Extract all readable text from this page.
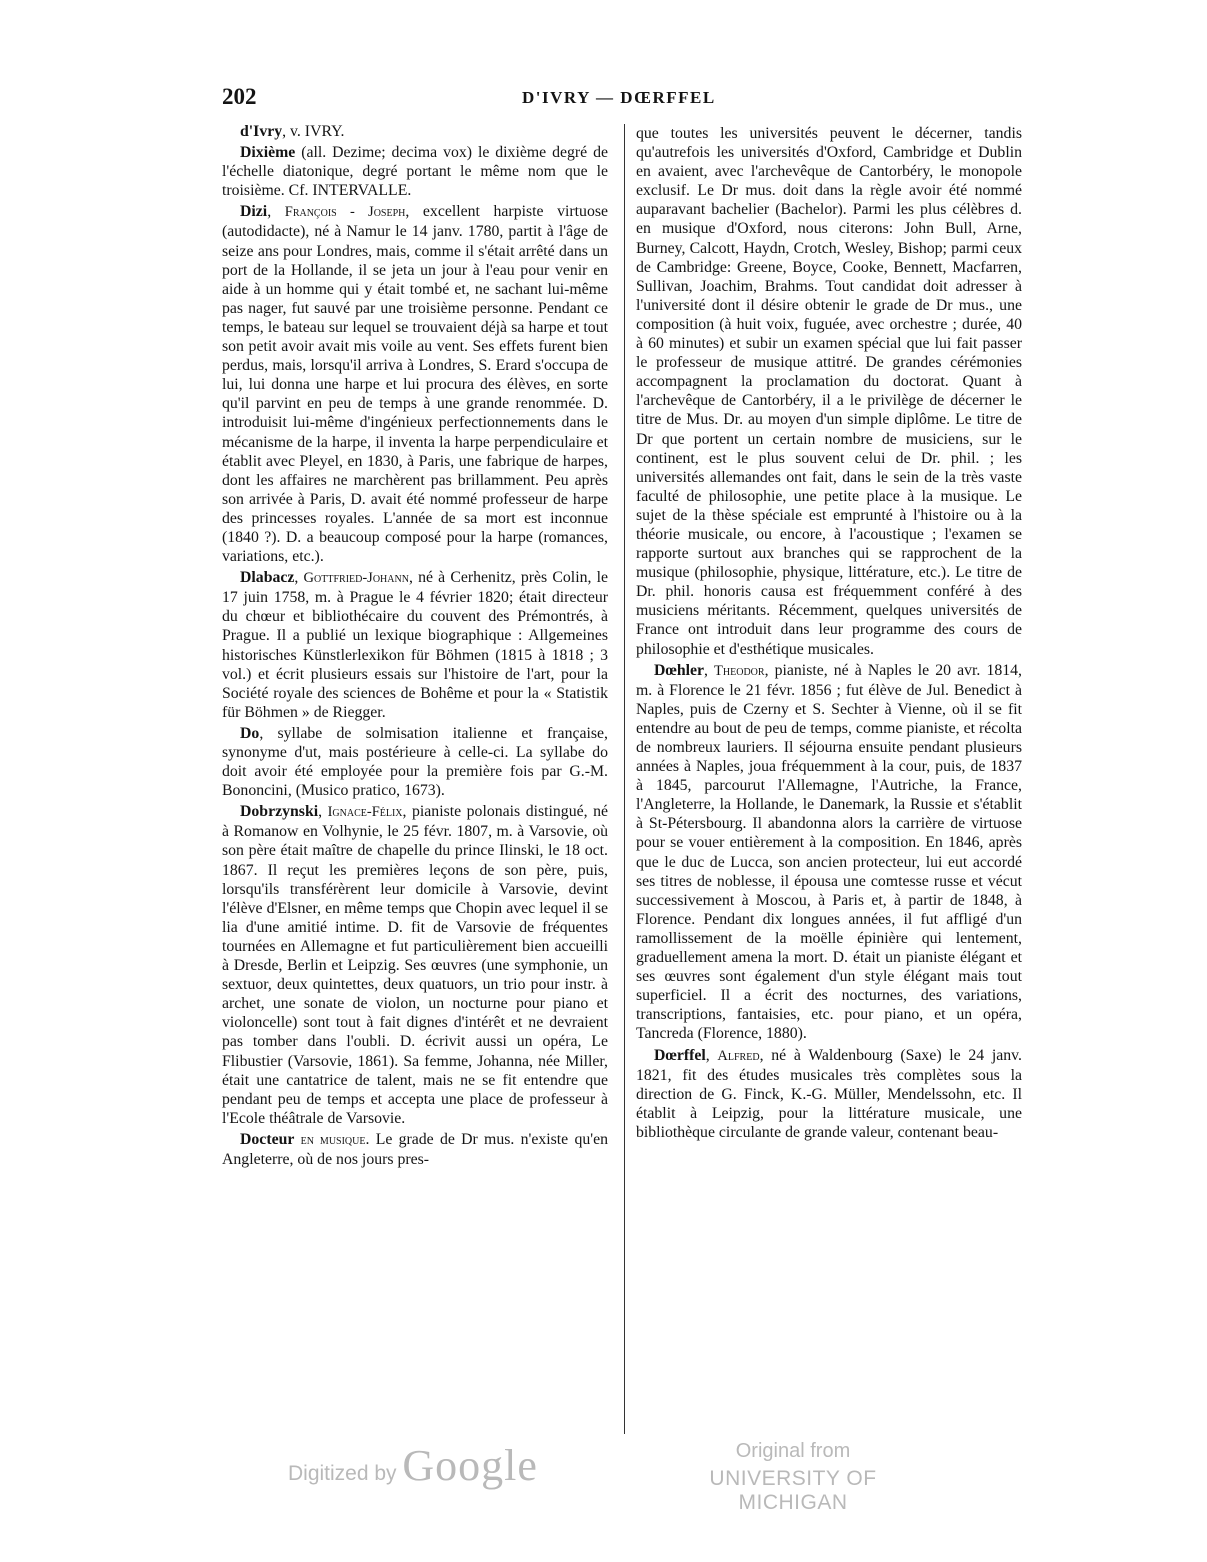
202	D'IVRY — DŒRFFEL

d'Ivry, v. IVRY.

Dixième (all. Dezime; decima vox) le dixième degré de l'échelle diatonique, degré portant le même nom que le troisième. Cf. INTERVALLE.

Dizi, François - Joseph, excellent harpiste virtuose (autodidacte), né à Namur le 14 janv. 1780, partit à l'âge de seize ans pour Londres, mais, comme il s'était arrêté dans un port de la Hollande, il se jeta un jour à l'eau pour venir en aide à un homme qui y était tombé et, ne sachant lui-même pas nager, fut sauvé par une troisième personne. Pendant ce temps, le bateau sur lequel se trouvaient déjà sa harpe et tout son petit avoir avait mis voile au vent. Ses effets furent bien perdus, mais, lorsqu'il arriva à Londres, S. Erard s'occupa de lui, lui donna une harpe et lui procura des élèves, en sorte qu'il parvint en peu de temps à une grande renommée. D. introduisit lui-même d'ingénieux perfectionnements dans le mécanisme de la harpe, il inventa la harpe perpendiculaire et établit avec Pleyel, en 1830, à Paris, une fabrique de harpes, dont les affaires ne marchèrent pas brillamment. Peu après son arrivée à Paris, D. avait été nommé professeur de harpe des princesses royales. L'année de sa mort est inconnue (1840 ?). D. a beaucoup composé pour la harpe (romances, variations, etc.).

Dlabacz, Gottfried-Johann, né à Cerhenitz, près Colin, le 17 juin 1758, m. à Prague le 4 février 1820; était directeur du chœur et bibliothécaire du couvent des Prémontrés, à Prague. Il a publié un lexique biographique : Allgemeines historisches Künstlerlexikon für Böhmen (1815 à 1818 ; 3 vol.) et écrit plusieurs essais sur l'histoire de l'art, pour la Société royale des sciences de Bohême et pour la « Statistik für Böhmen » de Riegger.

Do, syllabe de solmisation italienne et française, synonyme d'ut, mais postérieure à celle-ci. La syllabe do doit avoir été employée pour la première fois par G.-M. Bononcini, (Musico pratico, 1673).

Dobrzynski, Ignace-Félix, pianiste polonais distingué, né à Romanow en Volhynie, le 25 févr. 1807, m. à Varsovie, où son père était maître de chapelle du prince Ilinski, le 18 oct. 1867. Il reçut les premières leçons de son père, puis, lorsqu'ils transférèrent leur domicile à Varsovie, devint l'élève d'Elsner, en même temps que Chopin avec lequel il se lia d'une amitié intime. D. fit de Varsovie de fréquentes tournées en Allemagne et fut particulièrement bien accueilli à Dresde, Berlin et Leipzig. Ses œuvres (une symphonie, un sextuor, deux quintettes, deux quatuors, un trio pour instr. à archet, une sonate de violon, un nocturne pour piano et violoncelle) sont tout à fait dignes d'intérêt et ne devraient pas tomber dans l'oubli. D. écrivit aussi un opéra, Le Flibustier (Varsovie, 1861). Sa femme, Johanna, née Miller, était une cantatrice de talent, mais ne se fit entendre que pendant peu de temps et accepta une place de professeur à l'Ecole théâtrale de Varsovie.

Docteur en musique. Le grade de Dr mus. n'existe qu'en Angleterre, où de nos jours pres-

que toutes les universités peuvent le décerner, tandis qu'autrefois les universités d'Oxford, Cambridge et Dublin en avaient, avec l'archevêque de Cantorbéry, le monopole exclusif. Le Dr mus. doit dans la règle avoir été nommé auparavant bachelier (Bachelor). Parmi les plus célèbres d. en musique d'Oxford, nous citerons: John Bull, Arne, Burney, Calcott, Haydn, Crotch, Wesley, Bishop; parmi ceux de Cambridge: Greene, Boyce, Cooke, Bennett, Macfarren, Sullivan, Joachim, Brahms. Tout candidat doit adresser à l'université dont il désire obtenir le grade de Dr mus., une composition (à huit voix, fuguée, avec orchestre ; durée, 40 à 60 minutes) et subir un examen spécial que lui fait passer le professeur de musique attitré. De grandes cérémonies accompagnent la proclamation du doctorat. Quant à l'archevêque de Cantorbéry, il a le privilège de décerner le titre de Mus. Dr. au moyen d'un simple diplôme. Le titre de Dr que portent un certain nombre de musiciens, sur le continent, est le plus souvent celui de Dr. phil. ; les universités allemandes ont fait, dans le sein de la très vaste faculté de philosophie, une petite place à la musique. Le sujet de la thèse spéciale est emprunté à l'histoire ou à la théorie musicale, ou encore, à l'acoustique ; l'examen se rapporte surtout aux branches qui se rapprochent de la musique (philosophie, physique, littérature, etc.). Le titre de Dr. phil. honoris causa est fréquemment conféré à des musiciens méritants. Récemment, quelques universités de France ont introduit dans leur programme des cours de philosophie et d'esthétique musicales.

Dœhler, Theodor, pianiste, né à Naples le 20 avr. 1814, m. à Florence le 21 févr. 1856 ; fut élève de Jul. Benedict à Naples, puis de Czerny et S. Sechter à Vienne, où il se fit entendre au bout de peu de temps, comme pianiste, et récolta de nombreux lauriers. Il séjourna ensuite pendant plusieurs années à Naples, joua fréquemment à la cour, puis, de 1837 à 1845, parcourut l'Allemagne, l'Autriche, la France, l'Angleterre, la Hollande, le Danemark, la Russie et s'établit à St-Pétersbourg. Il abandonna alors la carrière de virtuose pour se vouer entièrement à la composition. En 1846, après que le duc de Lucca, son ancien protecteur, lui eut accordé ses titres de noblesse, il épousa une comtesse russe et vécut successivement à Moscou, à Paris et, à partir de 1848, à Florence. Pendant dix longues années, il fut affligé d'un ramollissement de la moëlle épinière qui lentement, graduellement amena la mort. D. était un pianiste élégant et ses œuvres sont également d'un style élégant mais tout superficiel. Il a écrit des nocturnes, des variations, transcriptions, fantaisies, etc. pour piano, et un opéra, Tancreda (Florence, 1880).

Dœrffel, Alfred, né à Waldenbourg (Saxe) le 24 janv. 1821, fit des études musicales très complètes sous la direction de G. Finck, K.-G. Müller, Mendelssohn, etc. Il établit à Leipzig, pour la littérature musicale, une bibliothèque circulante de grande valeur, contenant beau-

Digitized by Google	Original from
UNIVERSITY OF MICHIGAN
